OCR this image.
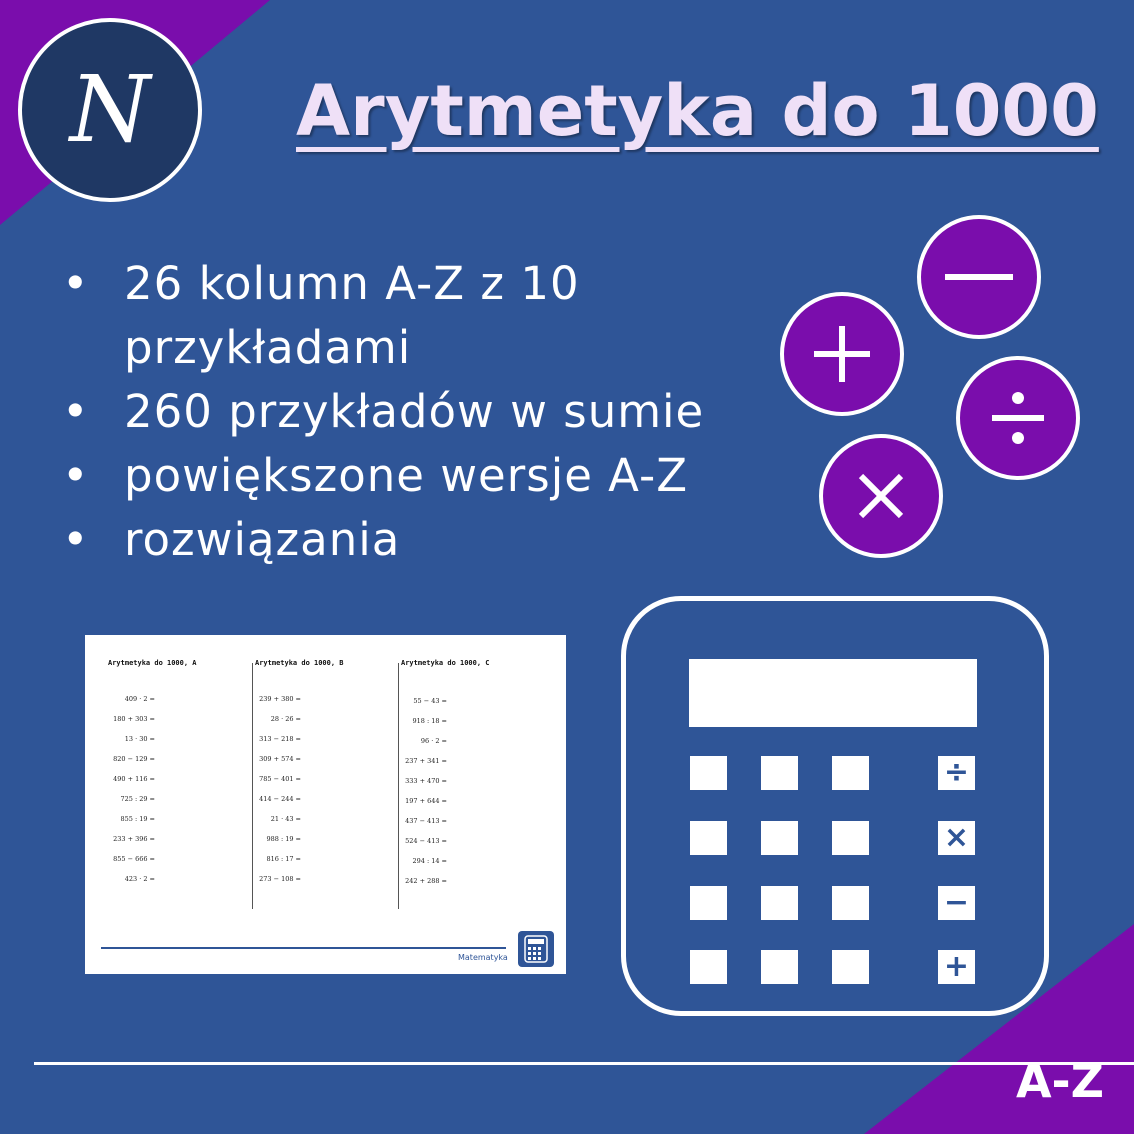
N Arytmetyka do 1000
• 26 kolumn A-Z z 10 przykładami
• 260 przykładów w sumie
• powiększone wersje A-Z
• rozwiązania
Arytmetyka do 1000, A	Arytmetyka do 1000, B	Arytmetyka do 1000, C
409 · 2 =
180 + 303 =
13 · 30 =
820 − 129 =
490 + 116 =
725 : 29 =
855 : 19 =
233 + 396 =
855 − 666 =
423 · 2 =
239 + 380 =
28 · 26 =
313 − 218 =
309 + 574 =
785 − 401 =
414 − 244 =
21 · 43 =
988 : 19 =
816 : 17 =
273 − 108 =
55 − 43 =
918 : 18 =
96 · 2 =
237 + 341 =
333 + 470 =
197 + 644 =
437 − 413 =
524 − 413 =
294 : 14 =
242 + 288 =
Matematyka
÷
×
−
+
A-Z
